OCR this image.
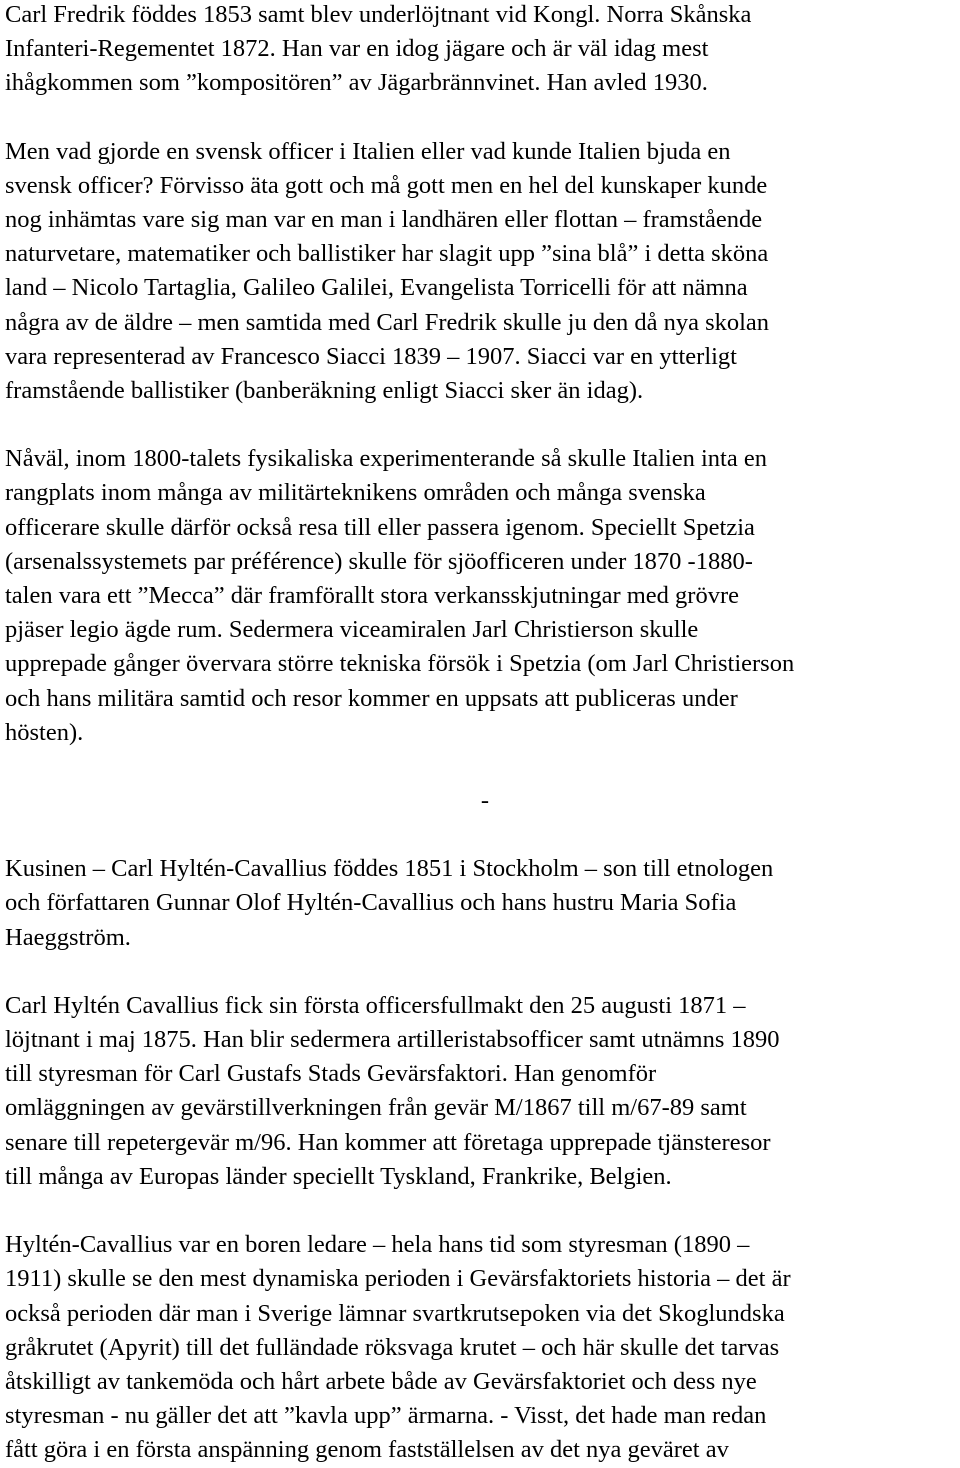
Carl Fredrik föddes 1853 samt blev underlöjtnant vid Kongl. Norra Skånska
Infanteri-Regementet 1872. Han var en idog jägare och är väl idag mest
ihågkommen som ”kompositören” av Jägarbrännvinet. Han avled 1930.

Men vad gjorde en svensk officer i Italien eller vad kunde Italien bjuda en
svensk officer? Förvisso äta gott och må gott men en hel del kunskaper kunde
nog inhämtas vare sig man var en man i landhären eller flottan – framstående
naturvetare, matematiker och ballistiker har slagit upp ”sina blå” i detta sköna
land – Nicolo Tartaglia, Galileo Galilei, Evangelista Torricelli för att nämna
några av de äldre – men samtida med Carl Fredrik skulle ju den då nya skolan
vara representerad av Francesco Siacci 1839 – 1907. Siacci var en ytterligt
framstående ballistiker (banberäkning enligt Siacci sker än idag).

Nåväl, inom 1800-talets fysikaliska experimenterande så skulle Italien inta en
rangplats inom många av militärteknikens områden och många svenska
officerare skulle därför också resa till eller passera igenom. Speciellt Spetzia
(arsenalssystemets par préférence) skulle för sjöofficeren under 1870 -1880-
talen vara ett ”Mecca” där framförallt stora verkansskjutningar med grövre
pjäser legio ägde rum. Sedermera viceamiralen Jarl Christierson skulle
upprepade gånger övervara större tekniska försök i Spetzia (om Jarl Christierson
och hans militära samtid och resor kommer en uppsats att publiceras under
hösten).

-

Kusinen – Carl Hyltén-Cavallius föddes 1851 i Stockholm – son till etnologen
och författaren Gunnar Olof Hyltén-Cavallius och hans hustru Maria Sofia
Haeggström.

Carl Hyltén Cavallius fick sin första officersfullmakt den 25 augusti 1871 –
löjtnant i maj 1875. Han blir sedermera artilleristabsofficer samt utnämns 1890
till styresman för Carl Gustafs Stads Gevärsfaktori. Han genomför
omläggningen av gevärstillverkningen från gevär M/1867 till m/67-89 samt
senare till repetergevär m/96. Han kommer att företaga upprepade tjänsteresor
till många av Europas länder speciellt Tyskland, Frankrike, Belgien.

Hyltén-Cavallius var en boren ledare – hela hans tid som styresman (1890 –
1911) skulle se den mest dynamiska perioden i Gevärsfaktoriets historia – det är
också perioden där man i Sverige lämnar svartkrutsepoken via det Skoglundska
gråkrutet (Apyrit) till det fulländade röksvaga krutet – och här skulle det tarvas
åtskilligt av tankemöda och hårt arbete både av Gevärsfaktoriet och dess nye
styresman - nu gäller det att ”kavla upp” ärmarna. - Visst, det hade man redan
fått göra i en första anspänning genom fastställelsen av det nya geväret av
